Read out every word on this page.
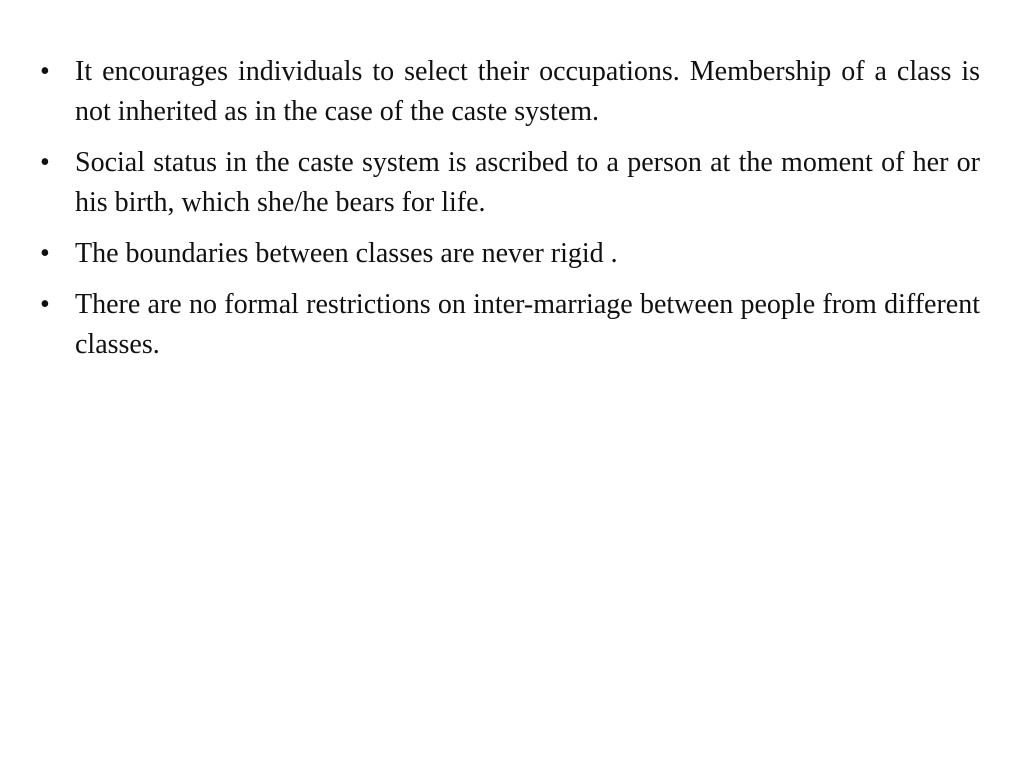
• It encourages individuals to select their occupations. Membership of a class is not inherited as in the case of the caste system.
• Social status in the caste system is ascribed to a person at the moment of her or his birth, which she/he bears for life.
• The boundaries between classes are never rigid .
• There are no formal restrictions on inter-marriage between people from different classes.
